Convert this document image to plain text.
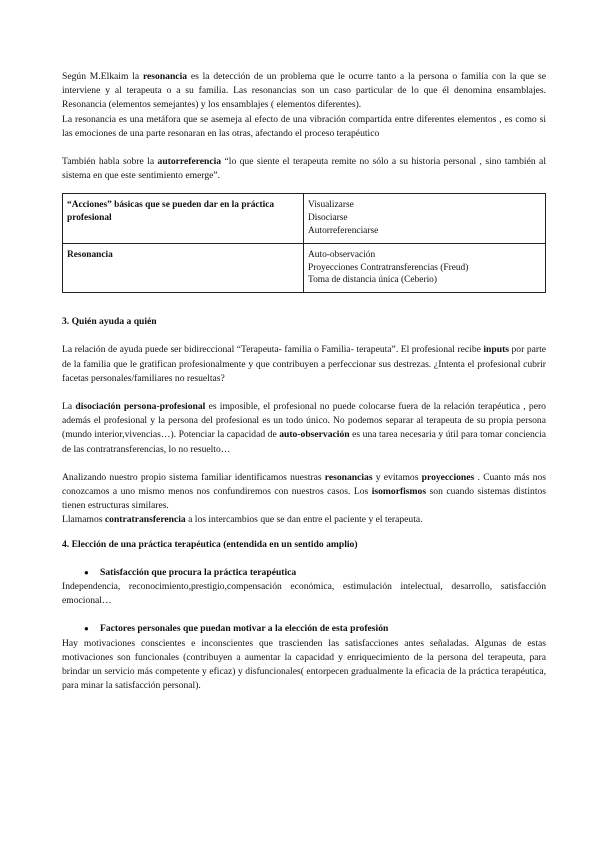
Según M.Elkaim la resonancia es la detección de un problema que le ocurre tanto a la persona o familia con la que se interviene y al terapeuta o a su familia. Las resonancias son un caso particular de lo que él denomina ensamblajes. Resonancia (elementos semejantes) y los ensamblajes ( elementos diferentes).

La resonancia es una metáfora que se asemeja al efecto de una vibración compartida entre diferentes elementos , es como si las emociones de una parte resonaran en las otras, afectando el proceso terapéutico

También habla sobre la autorreferencia “lo que siente el terapeuta remite no sólo a su historia personal , sino también al sistema en que este sentimiento emerge”.

“Acciones” básicas que se pueden dar en la práctica profesional	Visualizarse
Disociarse
Autorreferenciarse

Resonancia	Auto-observación
Proyecciones Contratransferencias (Freud)
Toma de distancia única (Ceberio)

3. Quién ayuda a quién

La relación de ayuda puede ser bidireccional “Terapeuta- familia o Familia- terapeuta”. El profesional recibe inputs por parte de la familia que le gratifican profesionalmente y que contribuyen a perfeccionar sus destrezas. ¿Intenta el profesional cubrir facetas personales/familiares no resueltas?

La disociación persona-profesional es imposible, el profesional no puede colocarse fuera de la relación terapéutica , pero además el profesional y la persona del profesional es un todo único. No podemos separar al terapeuta de su propia persona (mundo interior,vivencias…). Potenciar la capacidad de auto-observación es una tarea necesaria y útil para tomar conciencia de las contratransferencias, lo no resuelto…

Analizando nuestro propio sistema familiar identificamos nuestras resonancias y evitamos proyecciones . Cuanto más nos conozcamos a uno mismo menos nos confundiremos con nuestros casos. Los isomorfismos son cuando sistemas distintos tienen estructuras similares.

Llamamos contratransferencia a los intercambios que se dan entre el paciente y el terapeuta.

4. Elección de una práctica terapéutica (entendida en un sentido amplio)

● Satisfacción que procura la práctica terapéutica

Independencia, reconocimiento,prestigio,compensación económica, estimulación intelectual, desarrollo, satisfacción emocional…

● Factores personales que puedan motivar a la elección de esta profesión

Hay motivaciones conscientes e inconscientes que trascienden las satisfacciones antes señaladas. Algunas de estas motivaciones son funcionales (contribuyen a aumentar la capacidad y enriquecimiento de la persona del terapeuta, para brindar un servicio más competente y eficaz) y disfuncionales( entorpecen gradualmente la eficacia de la práctica terapéutica, para minar la satisfacción personal).
